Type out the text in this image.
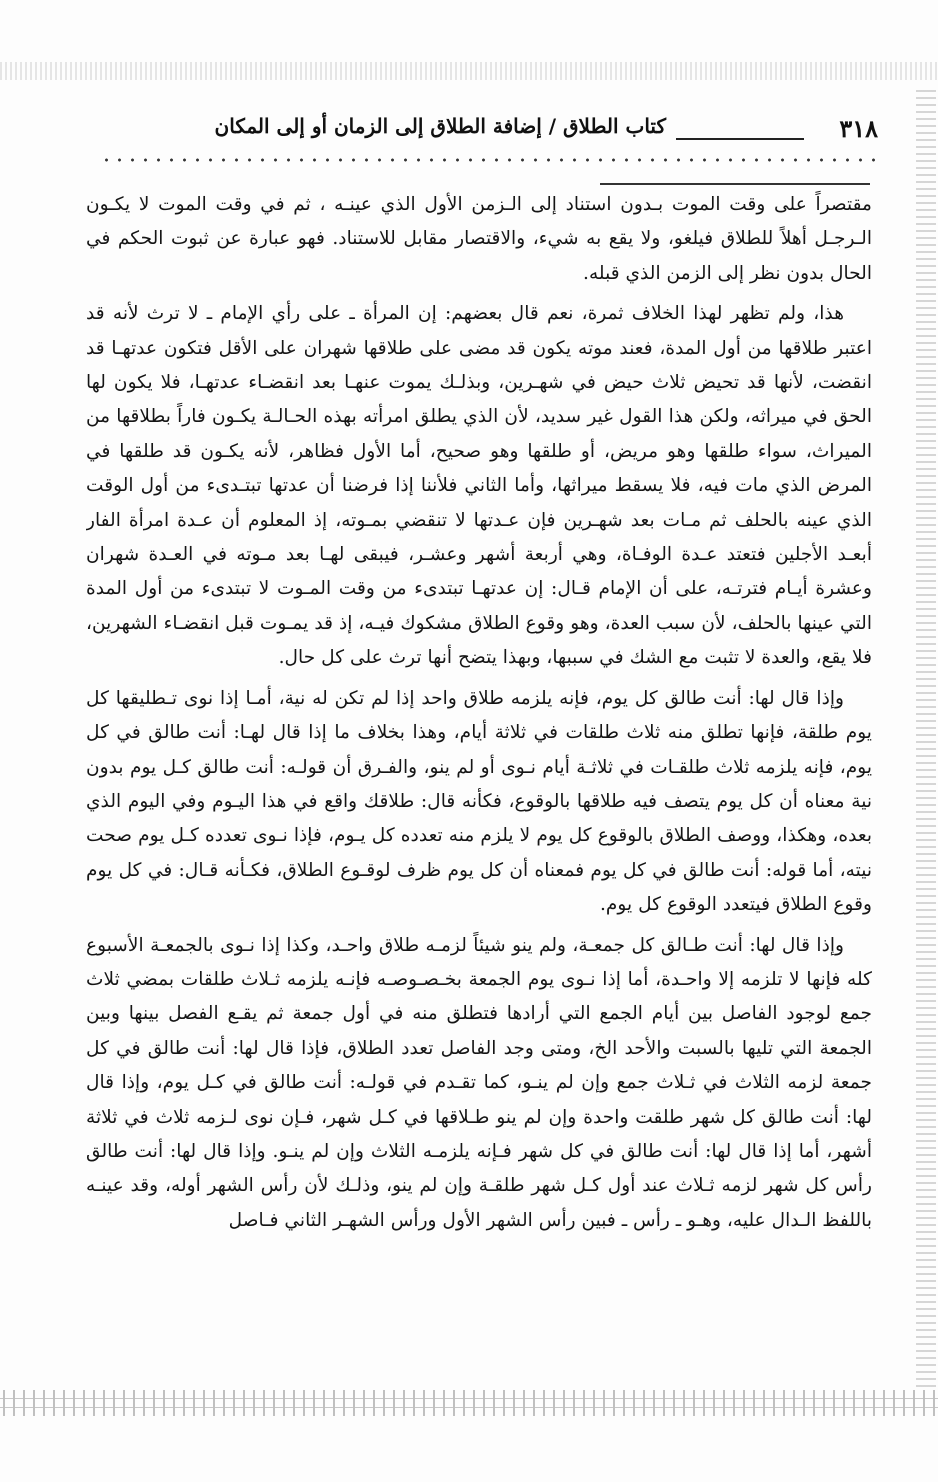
٣١٨
كتاب الطلاق / إضافة الطلاق إلى الزمان أو إلى المكان

مقتصراً على وقت الموت بـدون استناد إلى الـزمن الأول الذي عينـه ، ثم في وقت الموت لا يكـون الـرجـل أهلاً للطلاق فيلغو، ولا يقع به شيء، والاقتصار مقابل للاستناد. فهو عبارة عن ثبوت الحكم في الحال بدون نظر إلى الزمن الذي قبله.

هذا، ولم تظهر لهذا الخلاف ثمرة، نعم قال بعضهم: إن المرأة ـ على رأي الإمام ـ لا ترث لأنه قد اعتبر طلاقها من أول المدة، فعند موته يكون قد مضى على طلاقها شهران على الأقل فتكون عدتهـا قد انقضت، لأنها قد تحيض ثلاث حيض في شهـرين، وبذلـك يموت عنهـا بعد انقضـاء عدتهـا، فلا يكون لها الحق في ميراثه، ولكن هذا القول غير سديد، لأن الذي يطلق امرأته بهذه الحـالـة يكـون فاراً بطلاقها من الميراث، سواء طلقها وهو مريض، أو طلقها وهو صحيح، أما الأول فظاهر، لأنه يكـون قد طلقها في المرض الذي مات فيه، فلا يسقط ميراثها، وأما الثاني فلأننا إذا فرضنا أن عدتها تبتـدىء من أول الوقت الذي عينه بالحلف ثم مـات بعد شهـرين فإن عـدتها لا تنقضي بمـوته، إذ المعلوم أن عـدة امرأة الفار أبعـد الأجلين فتعتد عـدة الوفـاة، وهي أربعة أشهر وعشـر، فيبقى لهـا بعد مـوته في العـدة شهران وعشرة أيـام فترتـه، على أن الإمام قـال: إن عدتهـا تبتدىء من وقت المـوت لا تبتدىء من أول المدة التي عينها بالحلف، لأن سبب العدة، وهو وقوع الطلاق مشكوك فيـه، إذ قد يمـوت قبل انقضـاء الشهرين، فلا يقع، والعدة لا تثبت مع الشك في سببها، وبهذا يتضح أنها ترث على كل حال.

وإذا قال لها: أنت طالق كل يوم، فإنه يلزمه طلاق واحد إذا لم تكن له نية، أمـا إذا نوى تـطليقها كل يوم طلقة، فإنها تطلق منه ثلاث طلقات في ثلاثة أيام، وهذا بخلاف ما إذا قال لهـا: أنت طالق في كل يوم، فإنه يلزمه ثلاث طلقـات في ثلاثـة أيام نـوى أو لم ينو، والفـرق أن قولـه: أنت طالق كـل يوم بدون نية معناه أن كل يوم يتصف فيه طلاقها بالوقوع، فكأنه قال: طلاقك واقع في هذا اليـوم وفي اليوم الذي بعده، وهكذا، ووصف الطلاق بالوقوع كل يوم لا يلزم منه تعدده كل يـوم، فإذا نـوى تعدده كـل يوم صحت نيته، أما قوله: أنت طالق في كل يوم فمعناه أن كل يوم ظرف لوقـوع الطلاق، فكـأنه قـال: في كل يوم وقوع الطلاق فيتعدد الوقوع كل يوم.

وإذا قال لها: أنت طـالق كل جمعـة، ولم ينو شيئاً لزمـه طلاق واحـد، وكذا إذا نـوى بالجمعـة الأسبوع كله فإنها لا تلزمه إلا واحـدة، أما إذا نـوى يوم الجمعة بخـصـوصـه فإنـه يلزمه ثـلاث طلقات بمضي ثلاث جمع لوجود الفاصل بين أيام الجمع التي أرادها فتطلق منه في أول جمعة ثم يقـع الفصل بينها وبين الجمعة التي تليها بالسبت والأحد الخ، ومتى وجد الفاصل تعدد الطلاق، فإذا قال لها: أنت طالق في كل جمعة لزمه الثلاث في ثـلاث جمع وإن لم ينـو، كما تقـدم في قولـه: أنت طالق في كـل يوم، وإذا قال لها: أنت طالق كل شهر طلقت واحدة وإن لم ينو طـلاقها في كـل شهر، فـإن نوى لـزمه ثلاث في ثلاثة أشهر، أما إذا قال لها: أنت طالق في كل شهر فـإنه يلزمـه الثلاث وإن لم ينـو. وإذا قال لها: أنت طالق رأس كل شهر لزمه ثـلاث عند أول كـل شهر طلقـة وإن لم ينو، وذلـك لأن رأس الشهر أوله، وقد عينـه باللفظ الـدال عليه، وهـو ـ رأس ـ فبين رأس الشهر الأول ورأس الشهـر الثاني فـاصل
